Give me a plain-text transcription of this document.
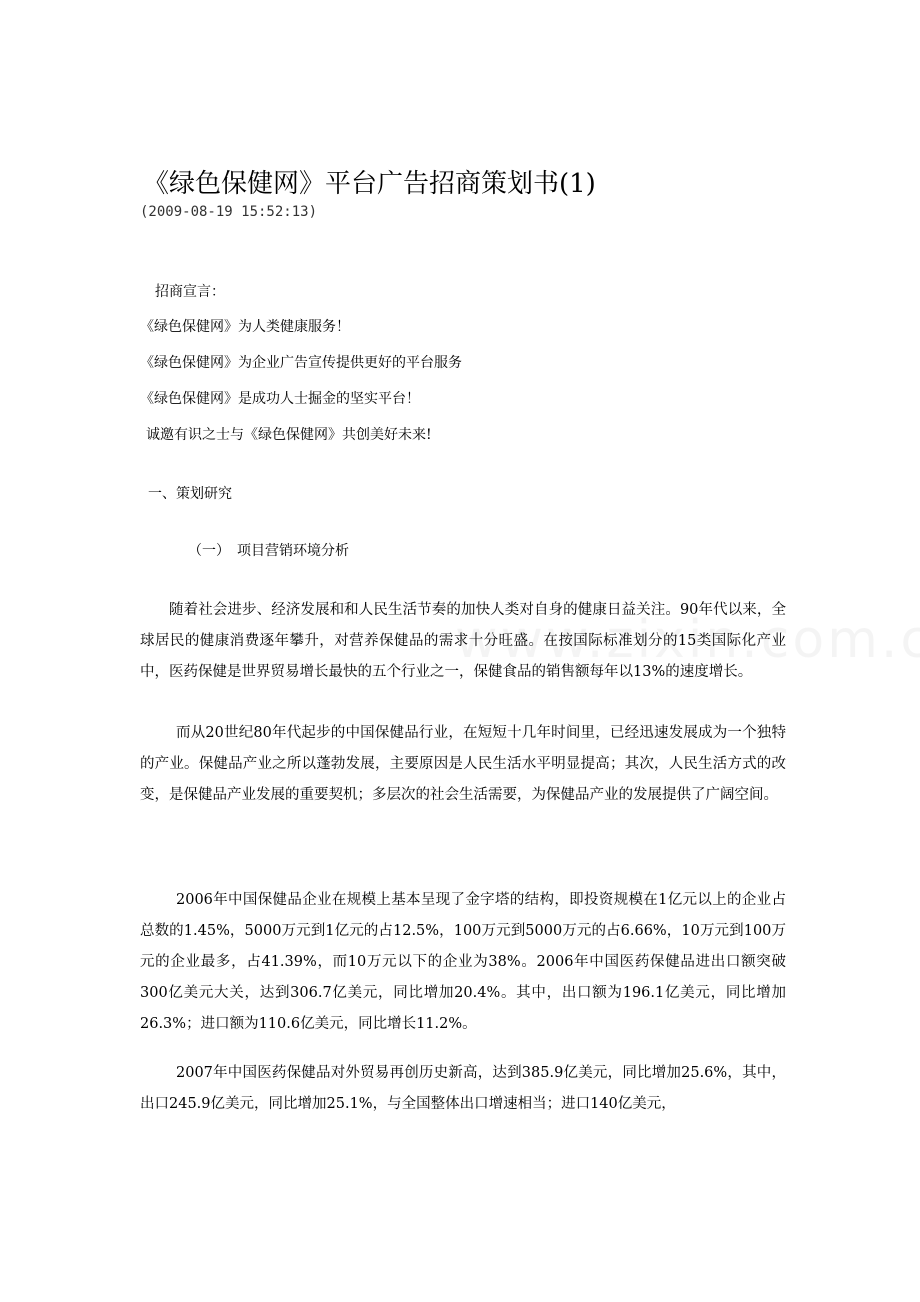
《绿色保健网》平台广告招商策划书(1)
(2009-08-19 15:52:13)
招商宣言：
《绿色保健网》为人类健康服务！
《绿色保健网》为企业广告宣传提供更好的平台服务
《绿色保健网》是成功人士掘金的坚实平台！
诚邀有识之士与《绿色保健网》共创美好未来!
一、策划研究
（一）　项目营销环境分析
随着社会进步、经济发展和和人民生活节奏的加快人类对自身的健康日益关注。90年代以来，全球居民的健康消费逐年攀升，对营养保健品的需求十分旺盛。在按国际标准划分的15类国际化产业中，医药保健是世界贸易增长最快的五个行业之一，保健食品的销售额每年以13%的速度增长。
而从20世纪80年代起步的中国保健品行业，在短短十几年时间里，已经迅速发展成为一个独特的产业。保健品产业之所以蓬勃发展，主要原因是人民生活水平明显提高；其次，人民生活方式的改变，是保健品产业发展的重要契机；多层次的社会生活需要，为保健品产业的发展提供了广阔空间。
2006年中国保健品企业在规模上基本呈现了金字塔的结构，即投资规模在1亿元以上的企业占总数的1.45%，5000万元到1亿元的占12.5%，100万元到5000万元的占6.66%，10万元到100万元的企业最多，占41.39%，而10万元以下的企业为38%。2006年中国医药保健品进出口额突破300亿美元大关，达到306.7亿美元，同比增加20.4%。其中，出口额为196.1亿美元，同比增加26.3%；进口额为110.6亿美元，同比增长11.2%。
2007年中国医药保健品对外贸易再创历史新高，达到385.9亿美元，同比增加25.6%，其中，出口245.9亿美元，同比增加25.1%，与全国整体出口增速相当；进口140亿美元，
